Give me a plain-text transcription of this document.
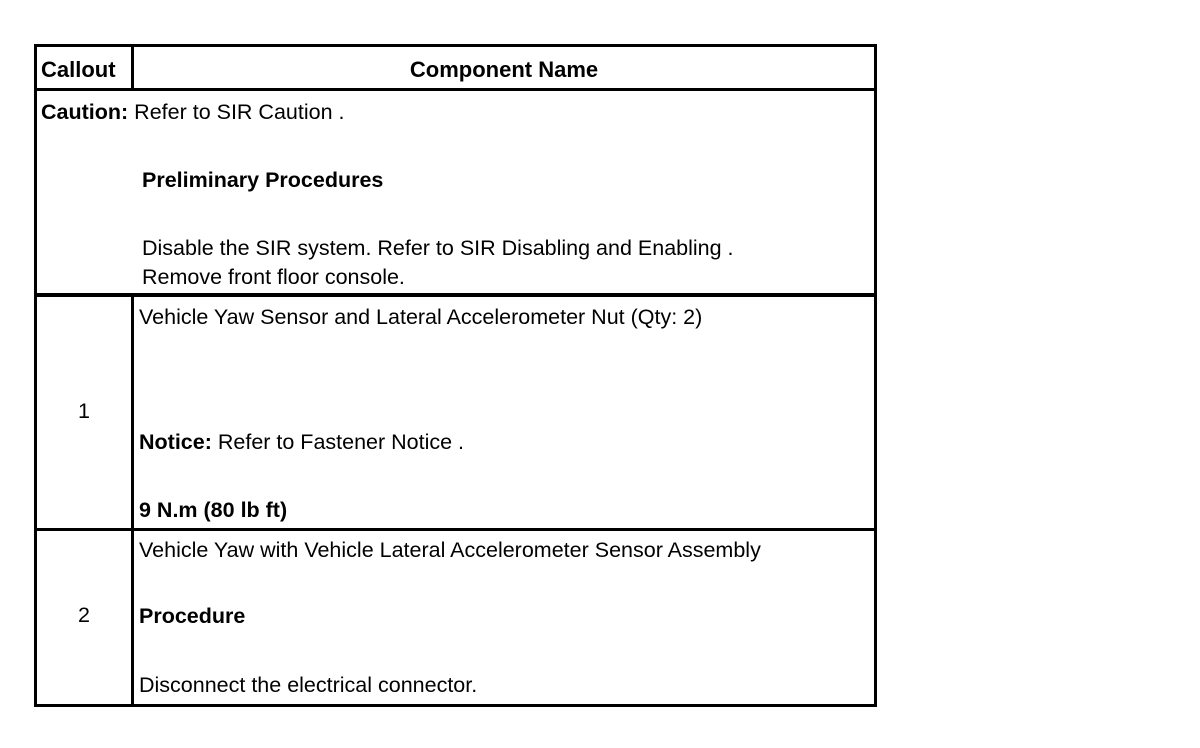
Callout	Component Name
Caution: Refer to SIR Caution .
Preliminary Procedures
Disable the SIR system. Refer to SIR Disabling and Enabling .
Remove front floor console.
1
Vehicle Yaw Sensor and Lateral Accelerometer Nut (Qty: 2)
Notice: Refer to Fastener Notice .
9 N.m (80 lb ft)
2
Vehicle Yaw with Vehicle Lateral Accelerometer Sensor Assembly
Procedure
Disconnect the electrical connector.
